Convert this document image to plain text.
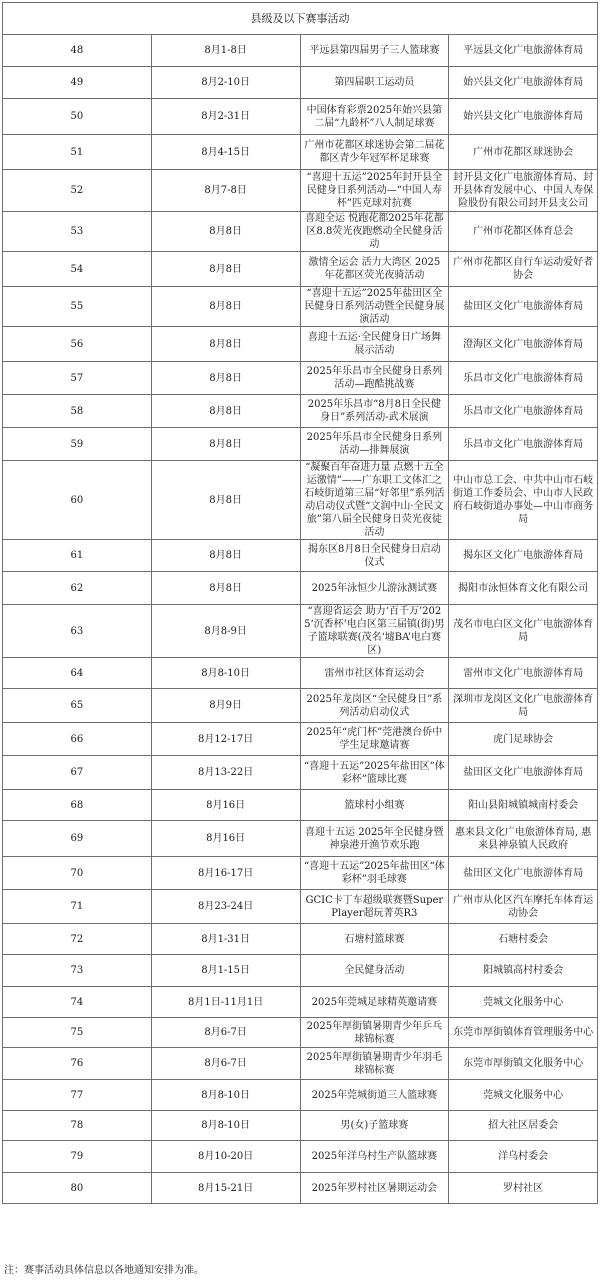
县级及以下赛事活动			
48	8月1-8日	平远县第四届男子三人篮球赛	平远县文化广电旅游体育局
49	8月2-10日	第四届职工运动员	始兴县文化广电旅游体育局
50	8月2-31日	中国体育彩票2025年始兴县第二届“九龄杯”八人制足球赛	始兴县文化广电旅游体育局
51	8月4-15日	广州市花都区球迷协会第二届花都区青少年冠军杯足球赛	广州市花都区球迷协会
52	8月7-8日	“喜迎十五运”2025年封开县全民健身日系列活动—“中国人寿杯”匹克球对抗赛	封开县文化广电旅游体育局、封开县体育发展中心、中国人寿保险股份有限公司封开县支公司
53	8月8日	喜迎全运 悦跑花都2025年花都区8.8荧光夜跑燃动全民健身活动	广州市花都区体育总会
54	8月8日	激情全运会 活力大湾区 2025年花都区荧光夜骑活动	广州市花都区自行车运动爱好者协会
55	8月8日	“喜迎十五运”2025年盐田区全民健身日系列活动暨全民健身展演活动	盐田区文化广电旅游体育局
56	8月8日	喜迎十五运·全民健身日广场舞展示活动	澄海区文化广电旅游体育局
57	8月8日	2025年乐昌市全民健身日系列活动—跑酷挑战赛	乐昌市文化广电旅游体育局
58	8月8日	2025年乐昌市“8月8日全民健身日”系列活动-武术展演	乐昌市文化广电旅游体育局
59	8月8日	2025年乐昌市全民健身日系列活动—排舞展演	乐昌市文化广电旅游体育局
60	8月8日	“凝聚百年奋进力量 点燃十五全运激情”——广东职工文体汇之石岐街道第三届“好邻里”系列活动启动仪式暨“文润中山·全民文旅”第八届全民健身日荧光夜徒活动	中山市总工会、中共中山市石岐街道工作委员会、中山市人民政府石岐街道办事处—中山市商务局
61	8月8日	揭东区8月8日全民健身日启动仪式	揭东区文化广电旅游体育局
62	8月8日	2025年泳恒少儿游泳测试赛	揭阳市泳恒体育文化有限公司
63	8月8-9日	“喜迎省运会 助力‘百千万’2025‘沉香杯’电白区第三届镇(街)男子篮球联赛(茂名‘墟BA’电白赛区)	茂名市电白区文化广电旅游体育局
64	8月8-10日	雷州市社区体育运动会	雷州市文化广电旅游体育局
65	8月9日	2025年龙岗区“全民健身日”系列活动启动仪式	深圳市龙岗区文化广电旅游体育局
66	8月12-17日	2025年“虎门杯”莞港澳台侨中学生足球邀请赛	虎门足球协会
67	8月13-22日	“喜迎十五运”2025年盐田区“体彩杯”篮球比赛	盐田区文化广电旅游体育局
68	8月16日	篮球村小组赛	阳山县阳城镇城南村委会
69	8月16日	喜迎十五运 2025年全民健身暨神泉港开渔节欢乐跑	惠来县文化广电旅游体育局, 惠来县神泉镇人民政府
70	8月16-17日	“喜迎十五运”2025年盐田区“体彩杯”羽毛球赛	盐田区文化广电旅游体育局
71	8月23-24日	GCIC卡丁车超级联赛暨SuperPlayer超玩菁英R3	广州市从化区汽车摩托车体育运动协会
72	8月1-31日	石塘村篮球赛	石塘村委会
73	8月1-15日	全民健身活动	阳城镇高村村委会
74	8月1日-11月1日	2025年莞城足球精英邀请赛	莞城文化服务中心
75	8月6-7日	2025年厚街镇暑期青少年乒乓球锦标赛	东莞市厚街镇体育管理服务中心
76	8月6-7日	2025年厚街镇暑期青少年羽毛球锦标赛	东莞市厚街镇文化服务中心
77	8月8-10日	2025年莞城街道三人篮球赛	莞城文化服务中心
78	8月8-10日	男(女)子篮球赛	招大社区居委会
79	8月10-20日	2025年洋乌村生产队篮球赛	洋乌村委会
80	8月15-21日	2025年罗村社区暑期运动会	罗村社区
注：赛事活动具体信息以各地通知安排为准。
